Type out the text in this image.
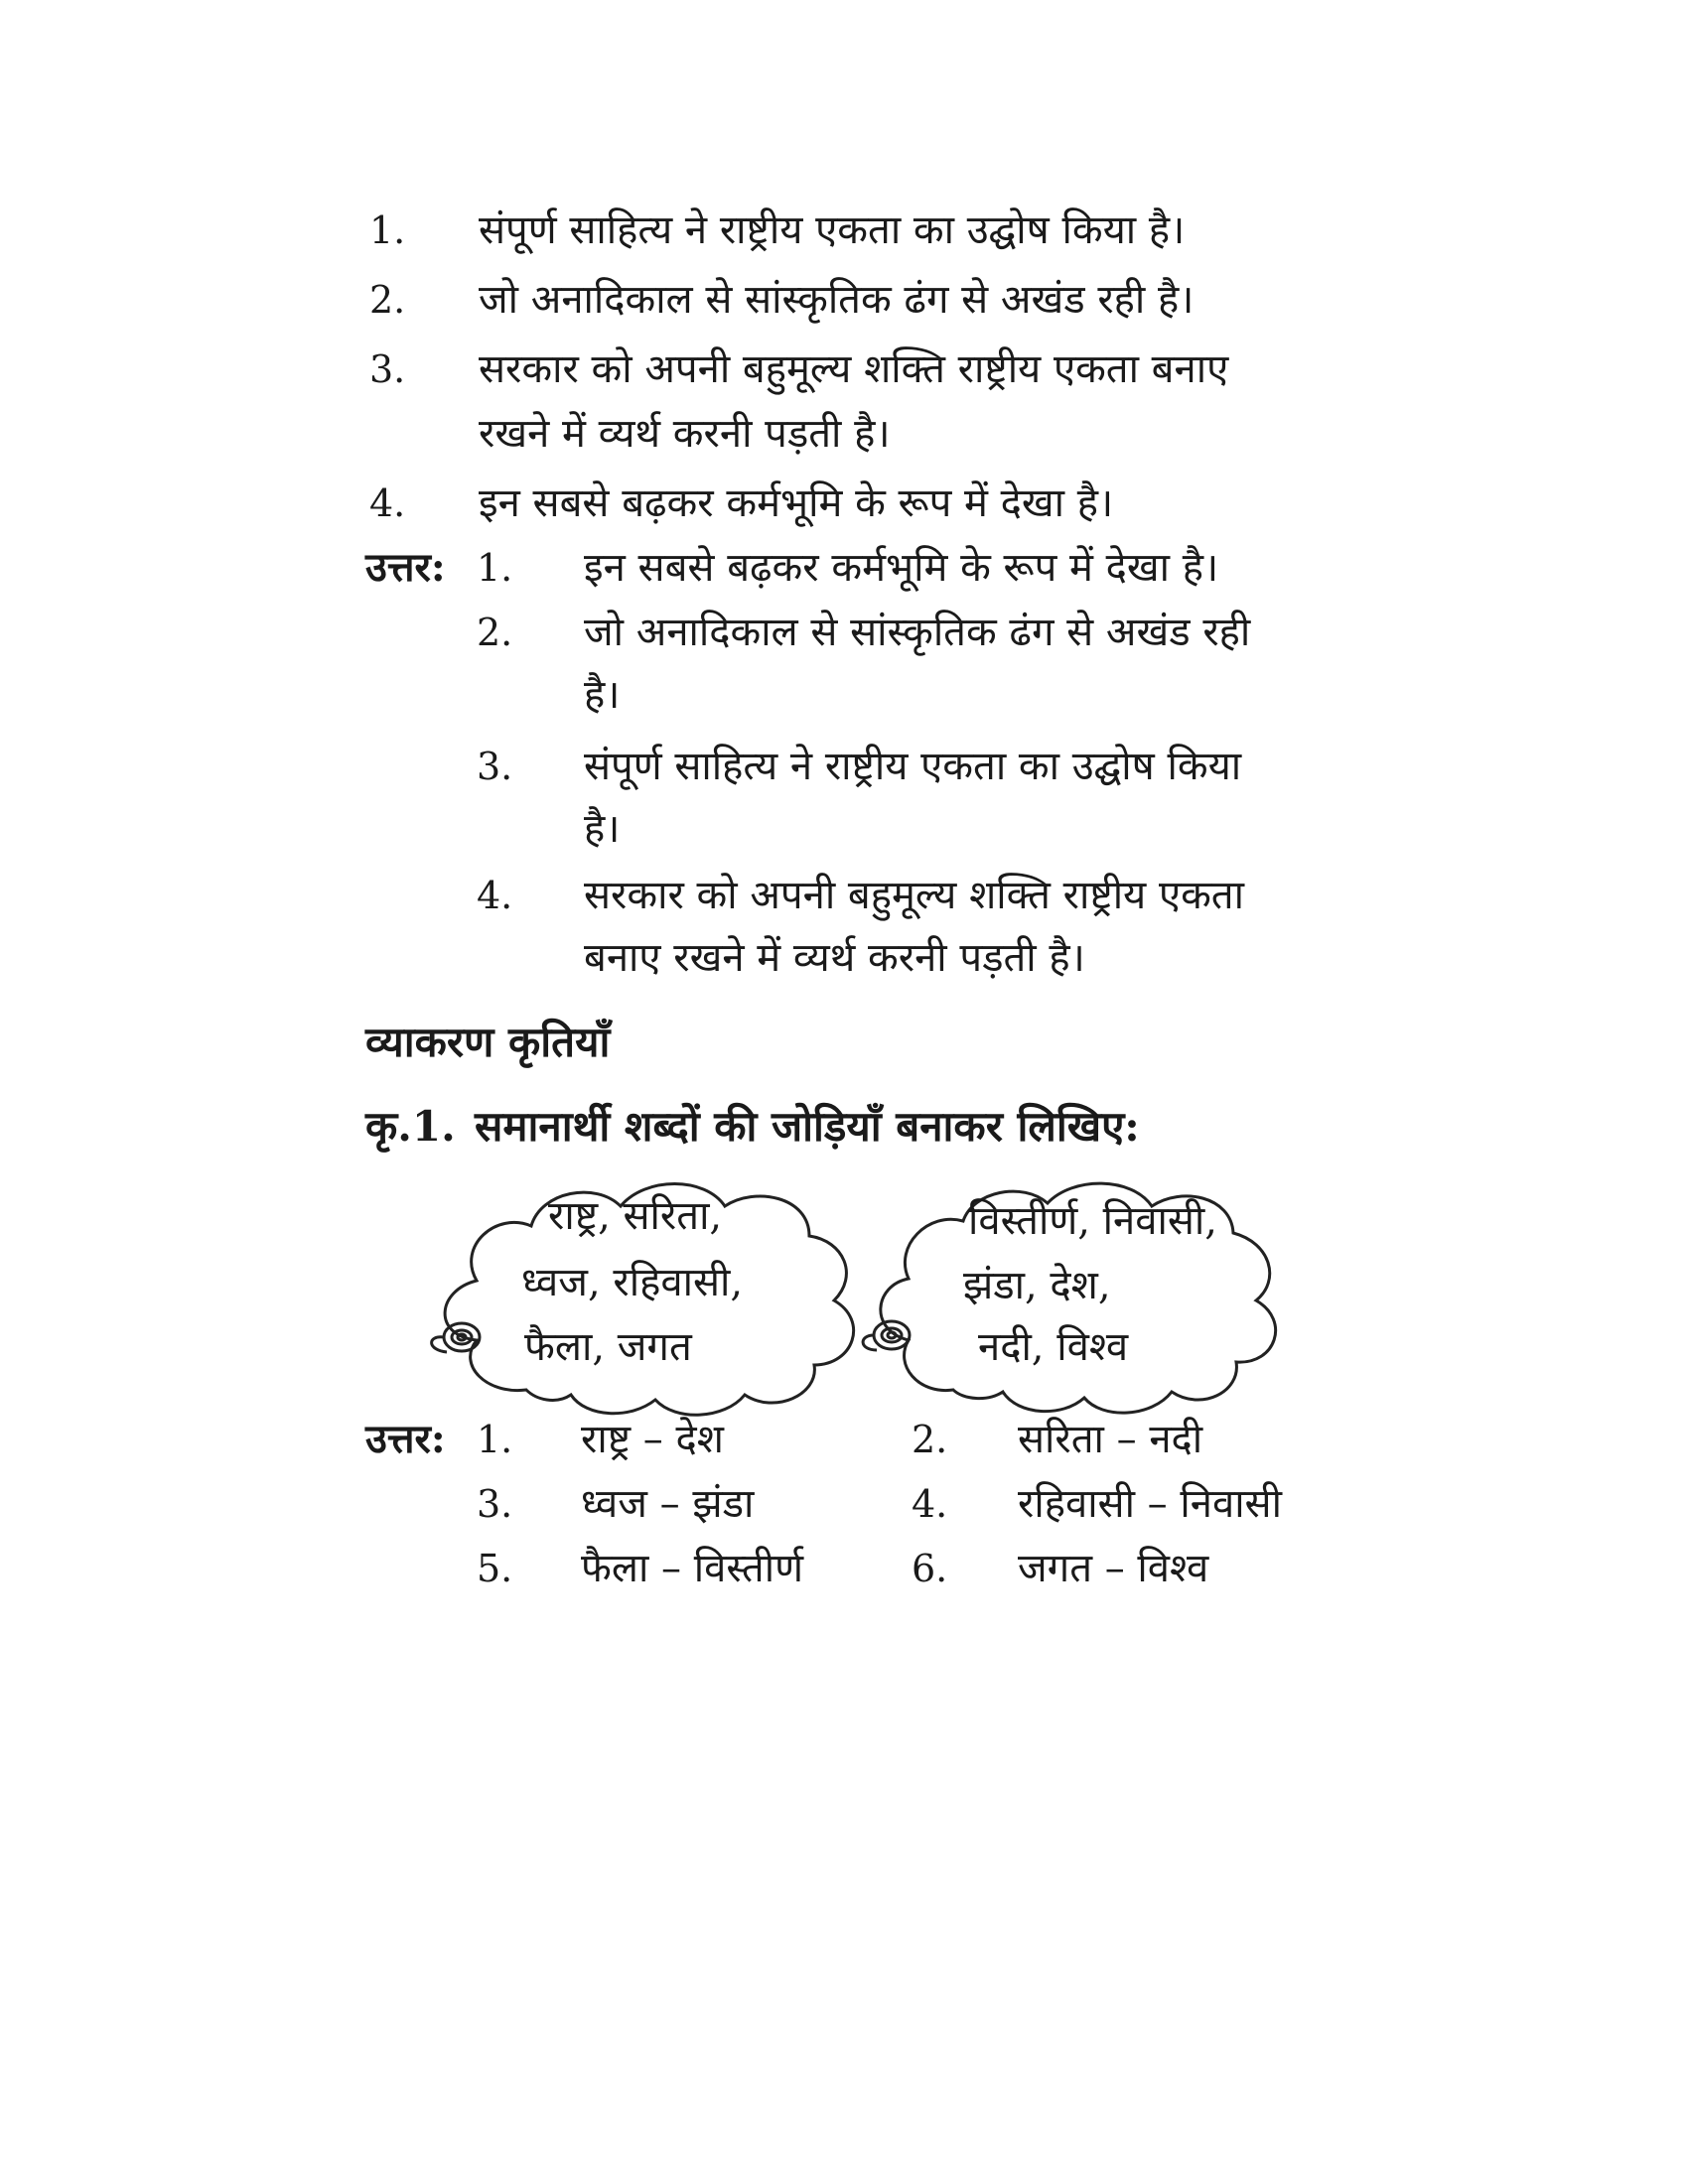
1. संपूर्ण साहित्य ने राष्ट्रीय एकता का उद्घोष किया है।
2. जो अनादिकाल से सांस्कृतिक ढंग से अखंड रही है।
3. सरकार को अपनी बहुमूल्य शक्ति राष्ट्रीय एकता बनाए
रखने में व्यर्थ करनी पड़ती है।
4. इन सबसे बढ़कर कर्मभूमि के रूप में देखा है।
उत्तर: 1. इन सबसे बढ़कर कर्मभूमि के रूप में देखा है।
2. जो अनादिकाल से सांस्कृतिक ढंग से अखंड रही
है।
3. संपूर्ण साहित्य ने राष्ट्रीय एकता का उद्घोष किया
है।
4. सरकार को अपनी बहुमूल्य शक्ति राष्ट्रीय एकता
बनाए रखने में व्यर्थ करनी पड़ती है।
व्याकरण कृतियाँ
कृ.1. समानार्थी शब्दों की जोड़ियाँ बनाकर लिखिए:
राष्ट्र, सरिता,
ध्वज, रहिवासी,
फैला, जगत
विस्तीर्ण, निवासी,
झंडा, देश,
नदी, विश्व
उत्तर: 1. राष्ट्र – देश	2. सरिता – नदी
3. ध्वज – झंडा	4. रहिवासी – निवासी
5. फैला – विस्तीर्ण	6. जगत – विश्व
